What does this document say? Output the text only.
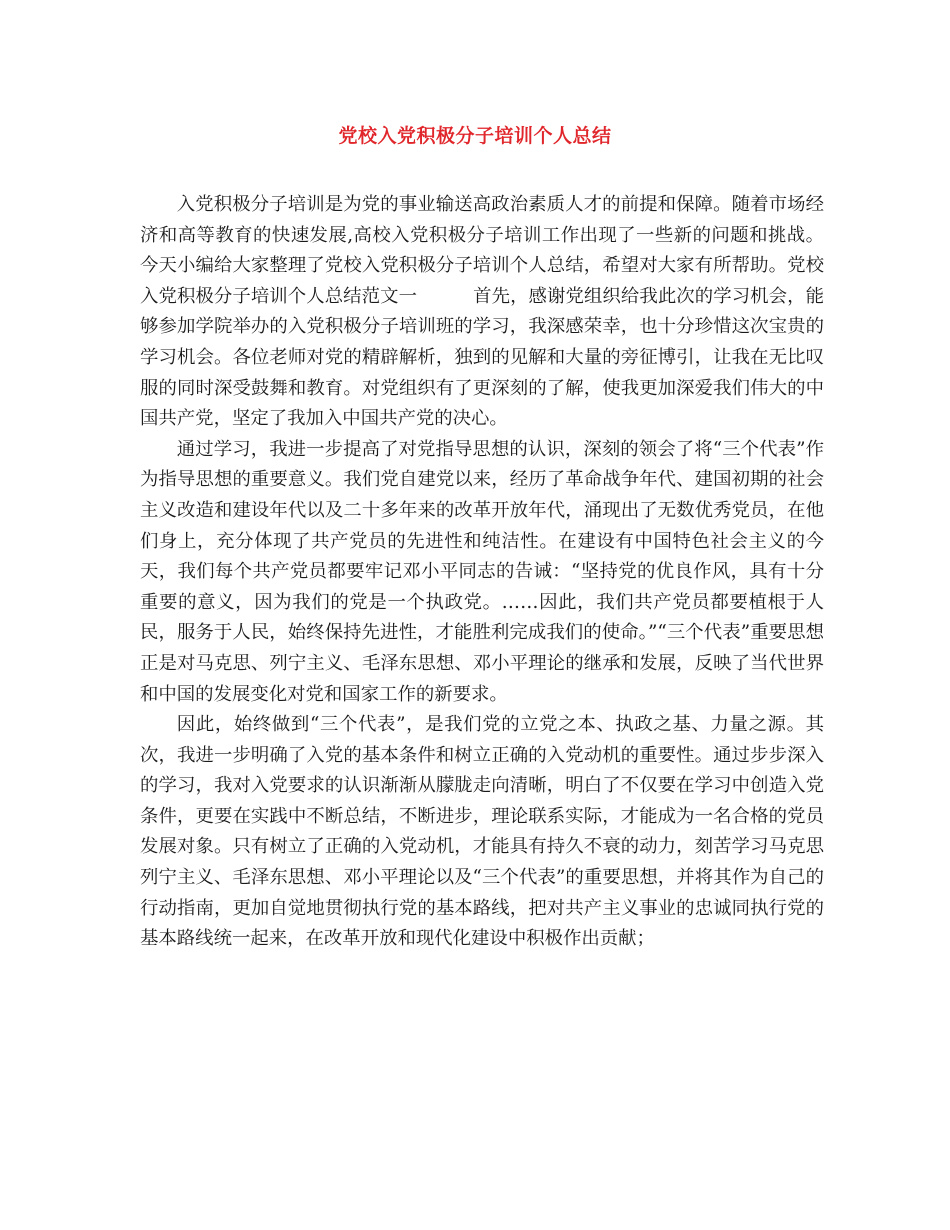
党校入党积极分子培训个人总结

入党积极分子培训是为党的事业输送高政治素质人才的前提和保障。随着市场经济和高等教育的快速发展,高校入党积极分子培训工作出现了一些新的问题和挑战。今天小编给大家整理了党校入党积极分子培训个人总结，希望对大家有所帮助。党校入党积极分子培训个人总结范文一	首先，感谢党组织给我此次的学习机会，能够参加学院举办的入党积极分子培训班的学习，我深感荣幸，也十分珍惜这次宝贵的学习机会。各位老师对党的精辟解析，独到的见解和大量的旁征博引，让我在无比叹服的同时深受鼓舞和教育。对党组织有了更深刻的了解，使我更加深爱我们伟大的中国共产党，坚定了我加入中国共产党的决心。

通过学习，我进一步提高了对党指导思想的认识，深刻的领会了将“三个代表”作为指导思想的重要意义。我们党自建党以来，经历了革命战争年代、建国初期的社会主义改造和建设年代以及二十多年来的改革开放年代，涌现出了无数优秀党员，在他们身上，充分体现了共产党员的先进性和纯洁性。在建设有中国特色社会主义的今天，我们每个共产党员都要牢记邓小平同志的告诫：“坚持党的优良作风，具有十分重要的意义，因为我们的党是一个执政党。……因此，我们共产党员都要植根于人民，服务于人民，始终保持先进性，才能胜利完成我们的使命。”“三个代表”重要思想正是对马克思、列宁主义、毛泽东思想、邓小平理论的继承和发展，反映了当代世界和中国的发展变化对党和国家工作的新要求。

因此，始终做到“三个代表”，是我们党的立党之本、执政之基、力量之源。其次，我进一步明确了入党的基本条件和树立正确的入党动机的重要性。通过步步深入的学习，我对入党要求的认识渐渐从朦胧走向清晰，明白了不仅要在学习中创造入党条件，更要在实践中不断总结，不断进步，理论联系实际，才能成为一名合格的党员发展对象。只有树立了正确的入党动机，才能具有持久不衰的动力，刻苦学习马克思列宁主义、毛泽东思想、邓小平理论以及“三个代表”的重要思想，并将其作为自己的行动指南，更加自觉地贯彻执行党的基本路线，把对共产主义事业的忠诚同执行党的基本路线统一起来，在改革开放和现代化建设中积极作出贡献；
